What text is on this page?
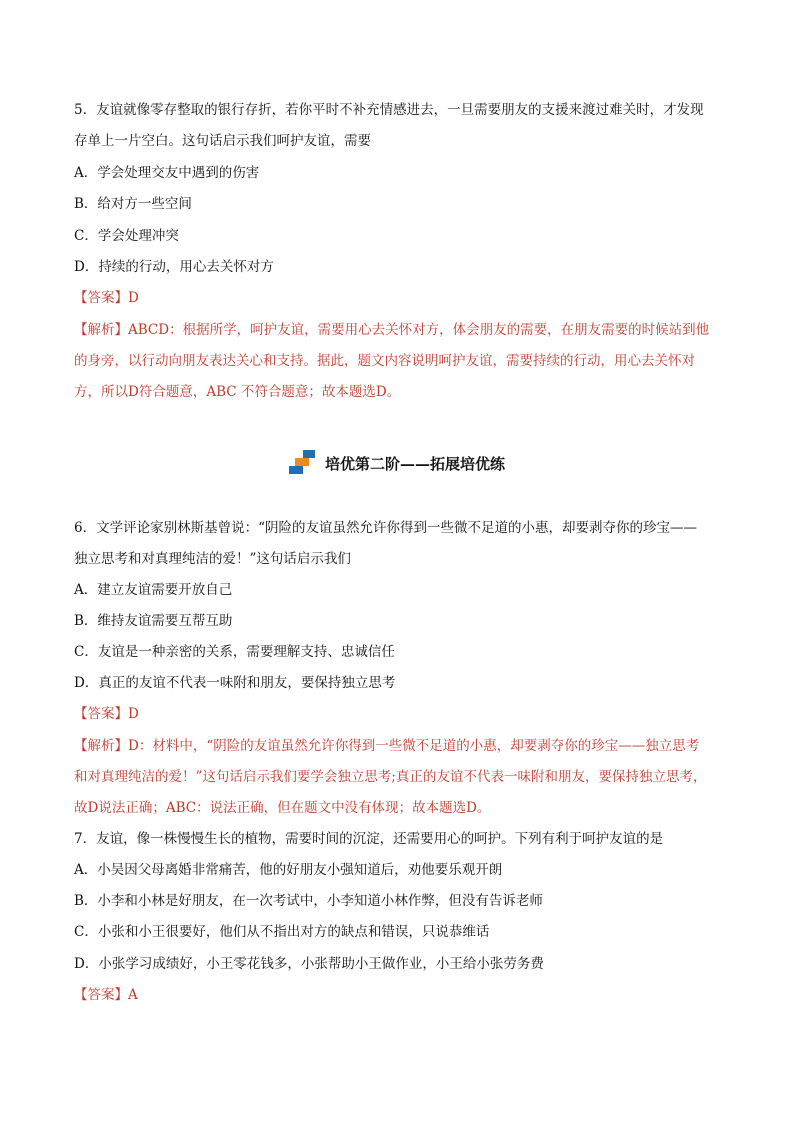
5．友谊就像零存整取的银行存折，若你平时不补充情感进去，一旦需要朋友的支援来渡过难关时，才发现
存单上一片空白。这句话启示我们呵护友谊，需要
A．学会处理交友中遇到的伤害
B．给对方一些空间
C．学会处理冲突
D．持续的行动，用心去关怀对方
【答案】D
【解析】ABCD：根据所学，呵护友谊，需要用心去关怀对方，体会朋友的需要，在朋友需要的时候站到他
的身旁，以行动向朋友表达关心和支持。据此，题文内容说明呵护友谊，需要持续的行动，用心去关怀对
方，所以D符合题意，ABC 不符合题意；故本题选D。
培优第二阶——拓展培优练
6．文学评论家别林斯基曾说：“阴险的友谊虽然允许你得到一些微不足道的小惠，却要剥夺你的珍宝——
独立思考和对真理纯洁的爱！”这句话启示我们
A．建立友谊需要开放自己
B．维持友谊需要互帮互助
C．友谊是一种亲密的关系，需要理解支持、忠诚信任
D．真正的友谊不代表一味附和朋友，要保持独立思考
【答案】D
【解析】D：材料中，“阴险的友谊虽然允许你得到一些微不足道的小惠，却要剥夺你的珍宝——独立思考
和对真理纯洁的爱！”这句话启示我们要学会独立思考;真正的友谊不代表一味附和朋友，要保持独立思考，
故D说法正确；ABC：说法正确，但在题文中没有体现；故本题选D。
7．友谊，像一株慢慢生长的植物，需要时间的沉淀，还需要用心的呵护。下列有利于呵护友谊的是
A．小吴因父母离婚非常痛苦，他的好朋友小强知道后，劝他要乐观开朗
B．小李和小林是好朋友，在一次考试中，小李知道小林作弊，但没有告诉老师
C．小张和小王很要好，他们从不指出对方的缺点和错误，只说恭维话
D．小张学习成绩好，小王零花钱多，小张帮助小王做作业，小王给小张劳务费
【答案】A
